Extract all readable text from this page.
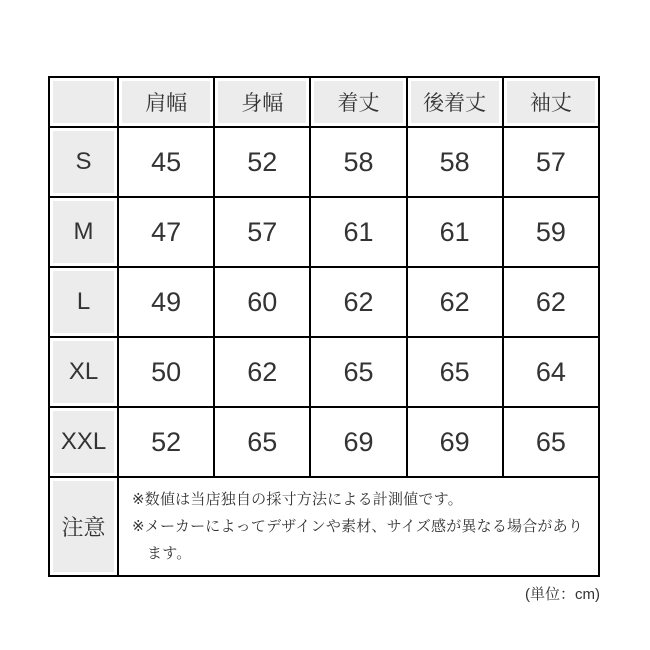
	肩幅	身幅	着丈	後着丈	袖丈
S	45	52	58	58	57
M	47	57	61	61	59
L	49	60	62	62	62
XL	50	62	65	65	64
XXL	52	65	69	69	65
注意	※数値は当店独自の採寸方法による計測値です。

※メーカーによってデザインや素材、サイズ感が異なる場合があります。				

(単位：cm)
